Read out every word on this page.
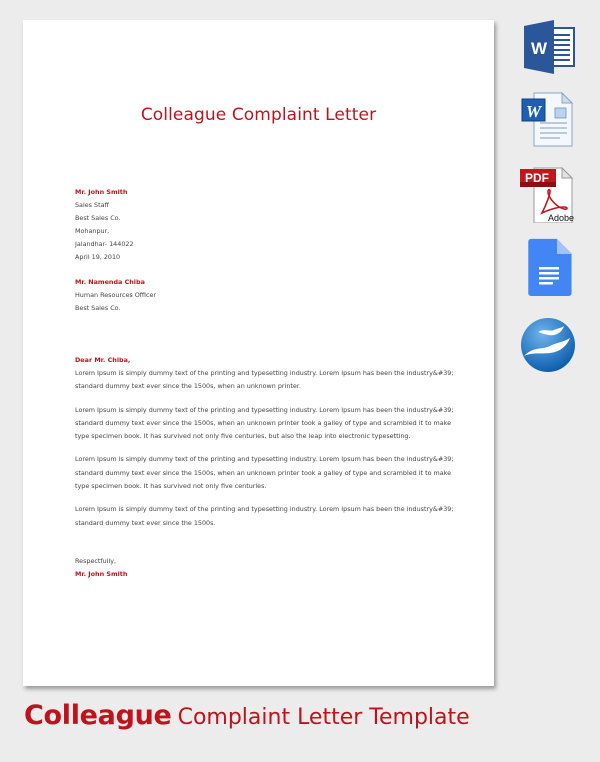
Colleague Complaint Letter
Mr. John Smith
Sales Staff
Best Sales Co.
Mohanpur,
Jalandhar- 144022
April 19, 2010
Mr. Namenda Chiba
Human Resources Officer
Best Sales Co.
Dear Mr. Chiba,

Lorem Ipsum is simply dummy text of the printing and typesetting industry. Lorem Ipsum has been the industry&#39; standard dummy text ever since the 1500s, when an unknown printer.

Lorem Ipsum is simply dummy text of the printing and typesetting industry. Lorem Ipsum has been the industry&#39; standard dummy text ever since the 1500s, when an unknown printer took a galley of type and scrambled it to make type specimen book. It has survived not only five centuries, but also the leap into electronic typesetting.

Lorem Ipsum is simply dummy text of the printing and typesetting industry. Lorem Ipsum has been the industry&#39; standard dummy text ever since the 1500s, when an unknown printer took a galley of type and scrambled it to make type specimen book. It has survived not only five centuries.

Lorem Ipsum is simply dummy text of the printing and typesetting industry. Lorem Ipsum has been the industry&#39; standard dummy text ever since the 1500s.

Respectfully,
Mr. John Smith
W
W
PDF
Adobe
Colleague Complaint Letter Template
